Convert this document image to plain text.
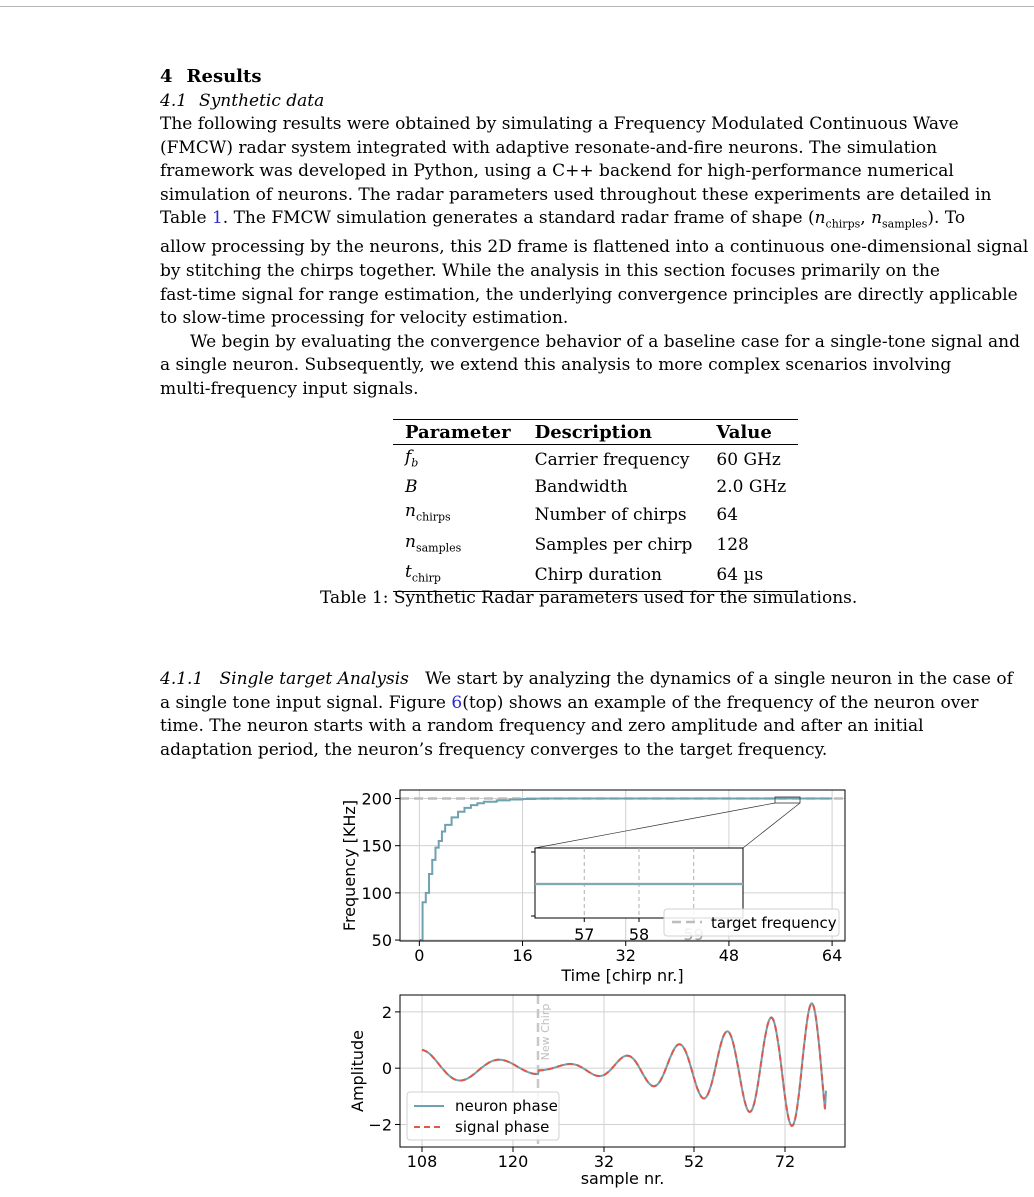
4 Results
4.1 Synthetic data
The following results were obtained by simulating a Frequency Modulated Continuous Wave
(FMCW) radar system integrated with adaptive resonate-and-fire neurons. The simulation
framework was developed in Python, using a C++ backend for high-performance numerical
simulation of neurons. The radar parameters used throughout these experiments are detailed in
Table 1. The FMCW simulation generates a standard radar frame of shape ($n_{chirps}$, $n_{samples}$). To
allow processing by the neurons, this 2D frame is flattened into a continuous one-dimensional signal
by stitching the chirps together. While the analysis in this section focuses primarily on the
fast-time signal for range estimation, the underlying convergence principles are directly applicable
to slow-time processing for velocity estimation.
We begin by evaluating the convergence behavior of a baseline case for a single-tone signal and
a single neuron. Subsequently, we extend this analysis to more complex scenarios involving
multi-frequency input signals.
Parameter	Description	Value
$f_b$	Carrier frequency	60 GHz
B	Bandwidth	2.0 GHz
$n_{chirps}$	Number of chirps	64
$n_{samples}$	Samples per chirp	128
$t_{chirp}$	Chirp duration	64 µs
Table 1: Synthetic Radar parameters used for the simulations.
4.1.1 Single target Analysis We start by analyzing the dynamics of a single neuron in the case of
a single tone input signal. Figure 6(top) shows an example of the frequency of the neuron over
time. The neuron starts with a random frequency and zero amplitude and after an initial
adaptation period, the neuron’s frequency converges to the target frequency.
0	16	32	48	64
50
100
150
200
Time [chirp nr.]
Frequency [KHz]
57 58
target frequency
New Chirp
108	120	32	52	72
2
0
−2
sample nr.
Amplitude	neuron phase
signal phase
